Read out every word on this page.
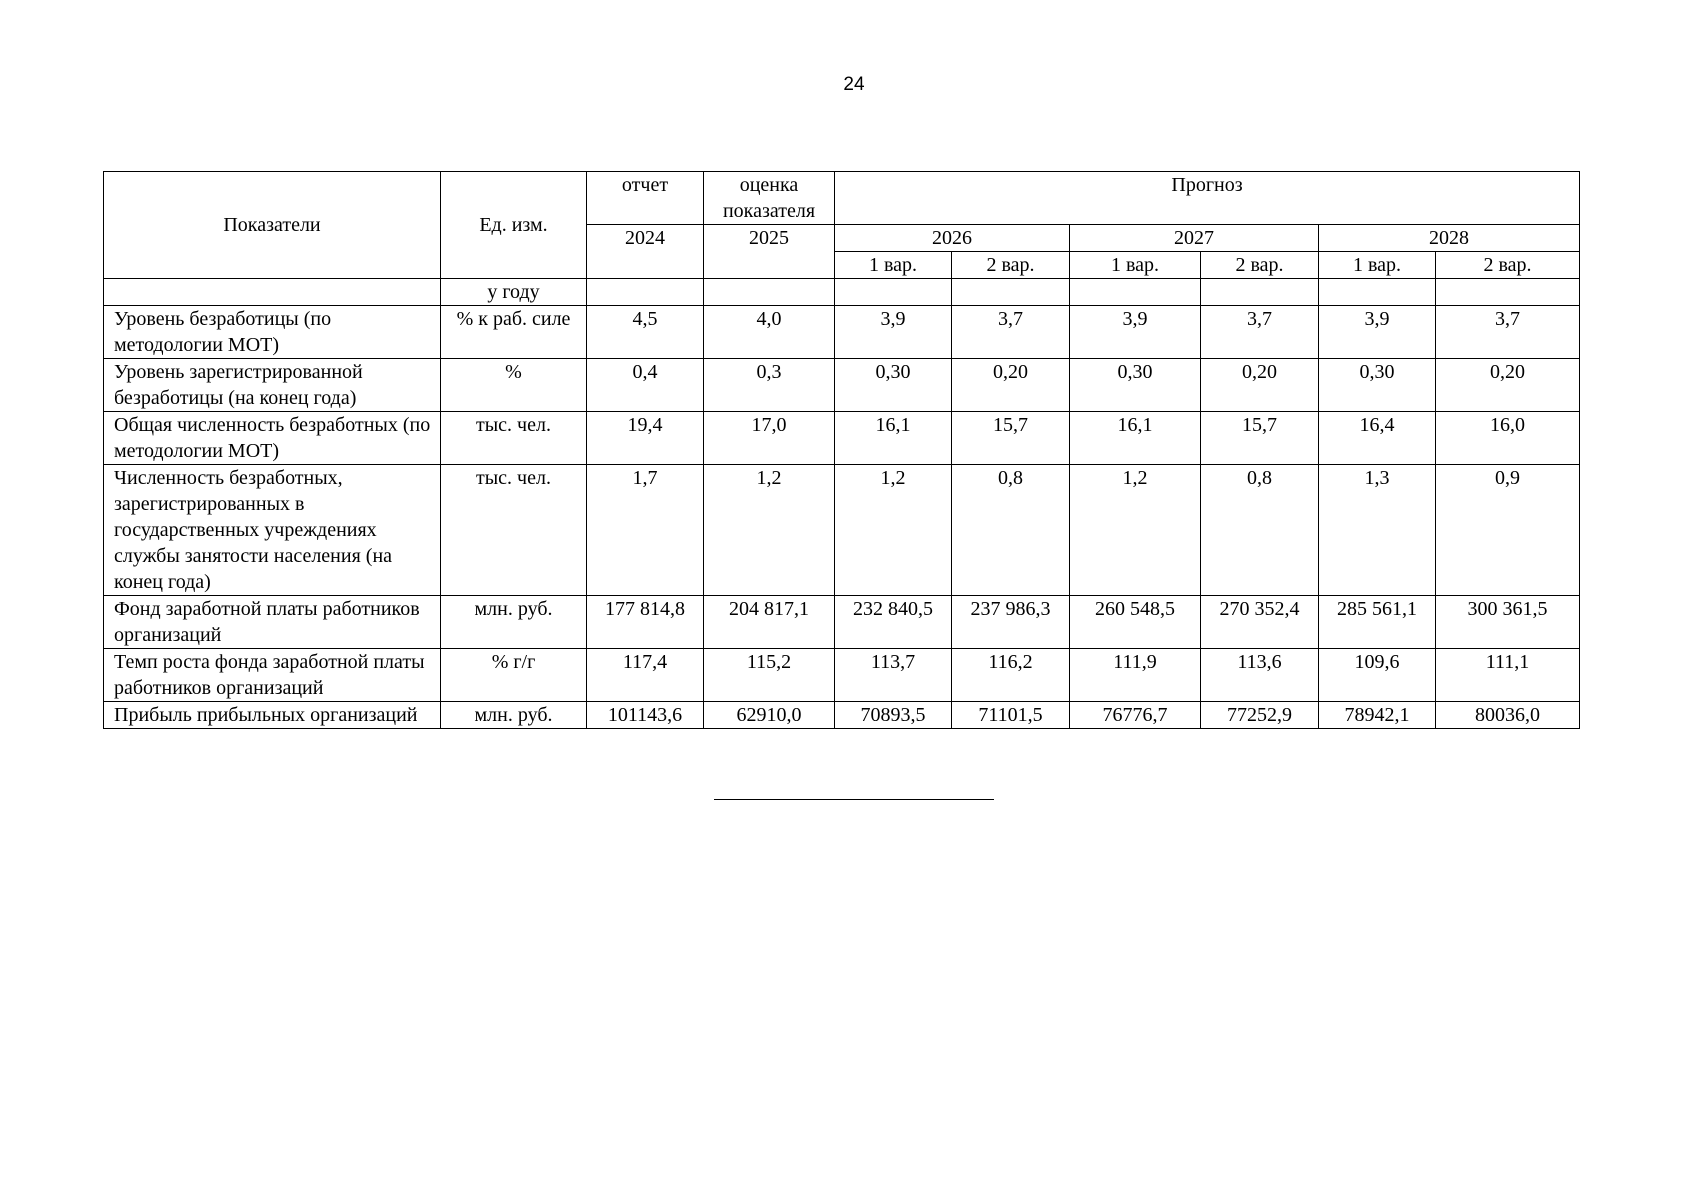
24
Показатели	Ед. изм.	отчет	оценка показателя	Прогноз					
		2024	2025	2026		2027		2028	
				1 вар.	2 вар.	1 вар.	2 вар.	1 вар.	2 вар.
	у году								
Уровень безработицы (по методологии МОТ)	% к раб. силе	4,5	4,0	3,9	3,7	3,9	3,7	3,9	3,7
Уровень зарегистрированной безработицы (на конец года)	%	0,4	0,3	0,30	0,20	0,30	0,20	0,30	0,20
Общая численность безработных (по методологии МОТ)	тыс. чел.	19,4	17,0	16,1	15,7	16,1	15,7	16,4	16,0
Численность безработных, зарегистрированных в государственных учреждениях службы занятости населения (на конец года)	тыс. чел.	1,7	1,2	1,2	0,8	1,2	0,8	1,3	0,9
Фонд заработной платы работников организаций	млн. руб.	177 814,8	204 817,1	232 840,5	237 986,3	260 548,5	270 352,4	285 561,1	300 361,5
Темп роста фонда заработной платы работников организаций	% г/г	117,4	115,2	113,7	116,2	111,9	113,6	109,6	111,1
Прибыль прибыльных организаций	млн. руб.	101143,6	62910,0	70893,5	71101,5	76776,7	77252,9	78942,1	80036,0
